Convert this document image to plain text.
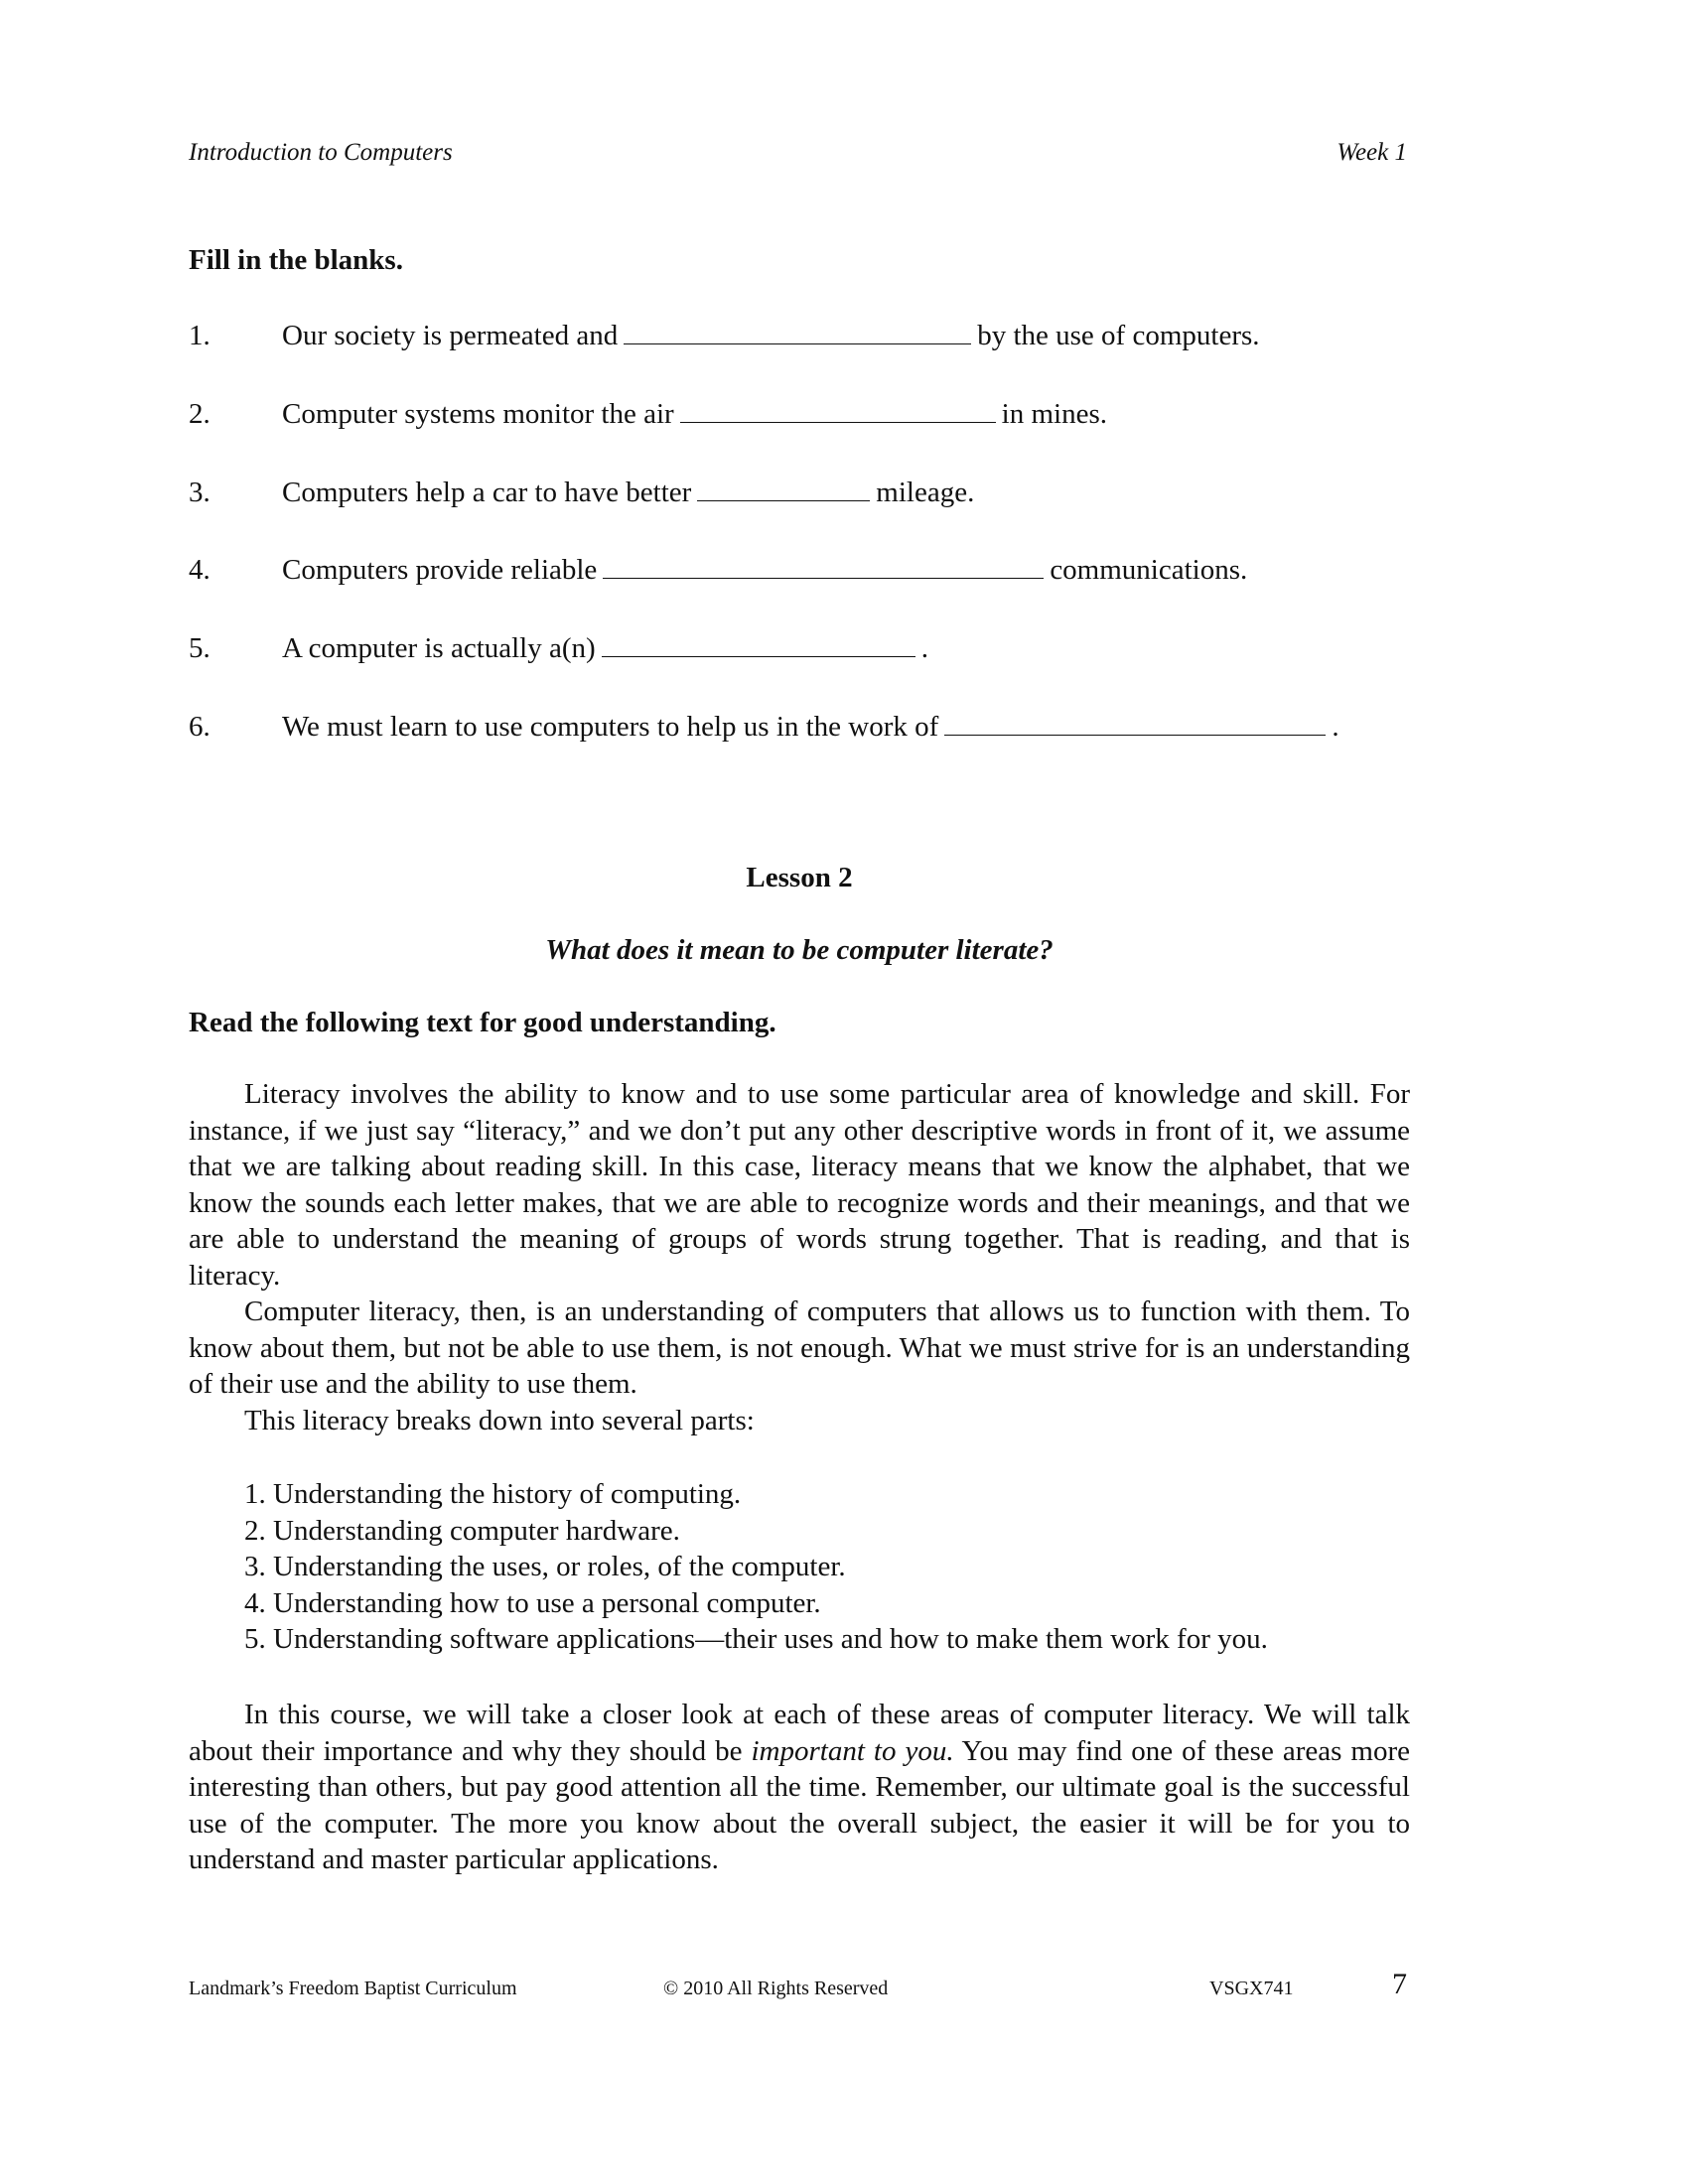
Introduction to Computers	Week 1
Fill in the blanks.
1. Our society is permeated and	by the use of computers.
2. Computer systems monitor the air	in mines.
3. Computers help a car to have better	mileage.
4. Computers provide reliable	communications.
5. A computer is actually a(n)	.
6. We must learn to use computers to help us in the work of	.
Lesson 2
What does it mean to be computer literate?
Read the following text for good understanding.

Literacy involves the ability to know and to use some particular area of knowledge and skill. For instance, if we just say “literacy,” and we don’t put any other descriptive words in front of it, we assume that we are talking about reading skill. In this case, literacy means that we know the alphabet, that we know the sounds each letter makes, that we are able to recognize words and their meanings, and that we are able to understand the meaning of groups of words strung together. That is reading, and that is literacy.

Computer literacy, then, is an understanding of computers that allows us to function with them. To know about them, but not be able to use them, is not enough. What we must strive for is an understanding of their use and the ability to use them.

This literacy breaks down into several parts:

1. Understanding the history of computing.
2. Understanding computer hardware.
3. Understanding the uses, or roles, of the computer.
4. Understanding how to use a personal computer.
5. Understanding software applications—their uses and how to make them work for you.

In this course, we will take a closer look at each of these areas of computer literacy. We will talk about their importance and why they should be important to you. You may find one of these areas more interesting than others, but pay good attention all the time. Remember, our ultimate goal is the successful use of the computer. The more you know about the overall subject, the easier it will be for you to understand and master particular applications.

Landmark’s Freedom Baptist Curriculum	© 2010 All Rights Reserved	VSGX741	7
